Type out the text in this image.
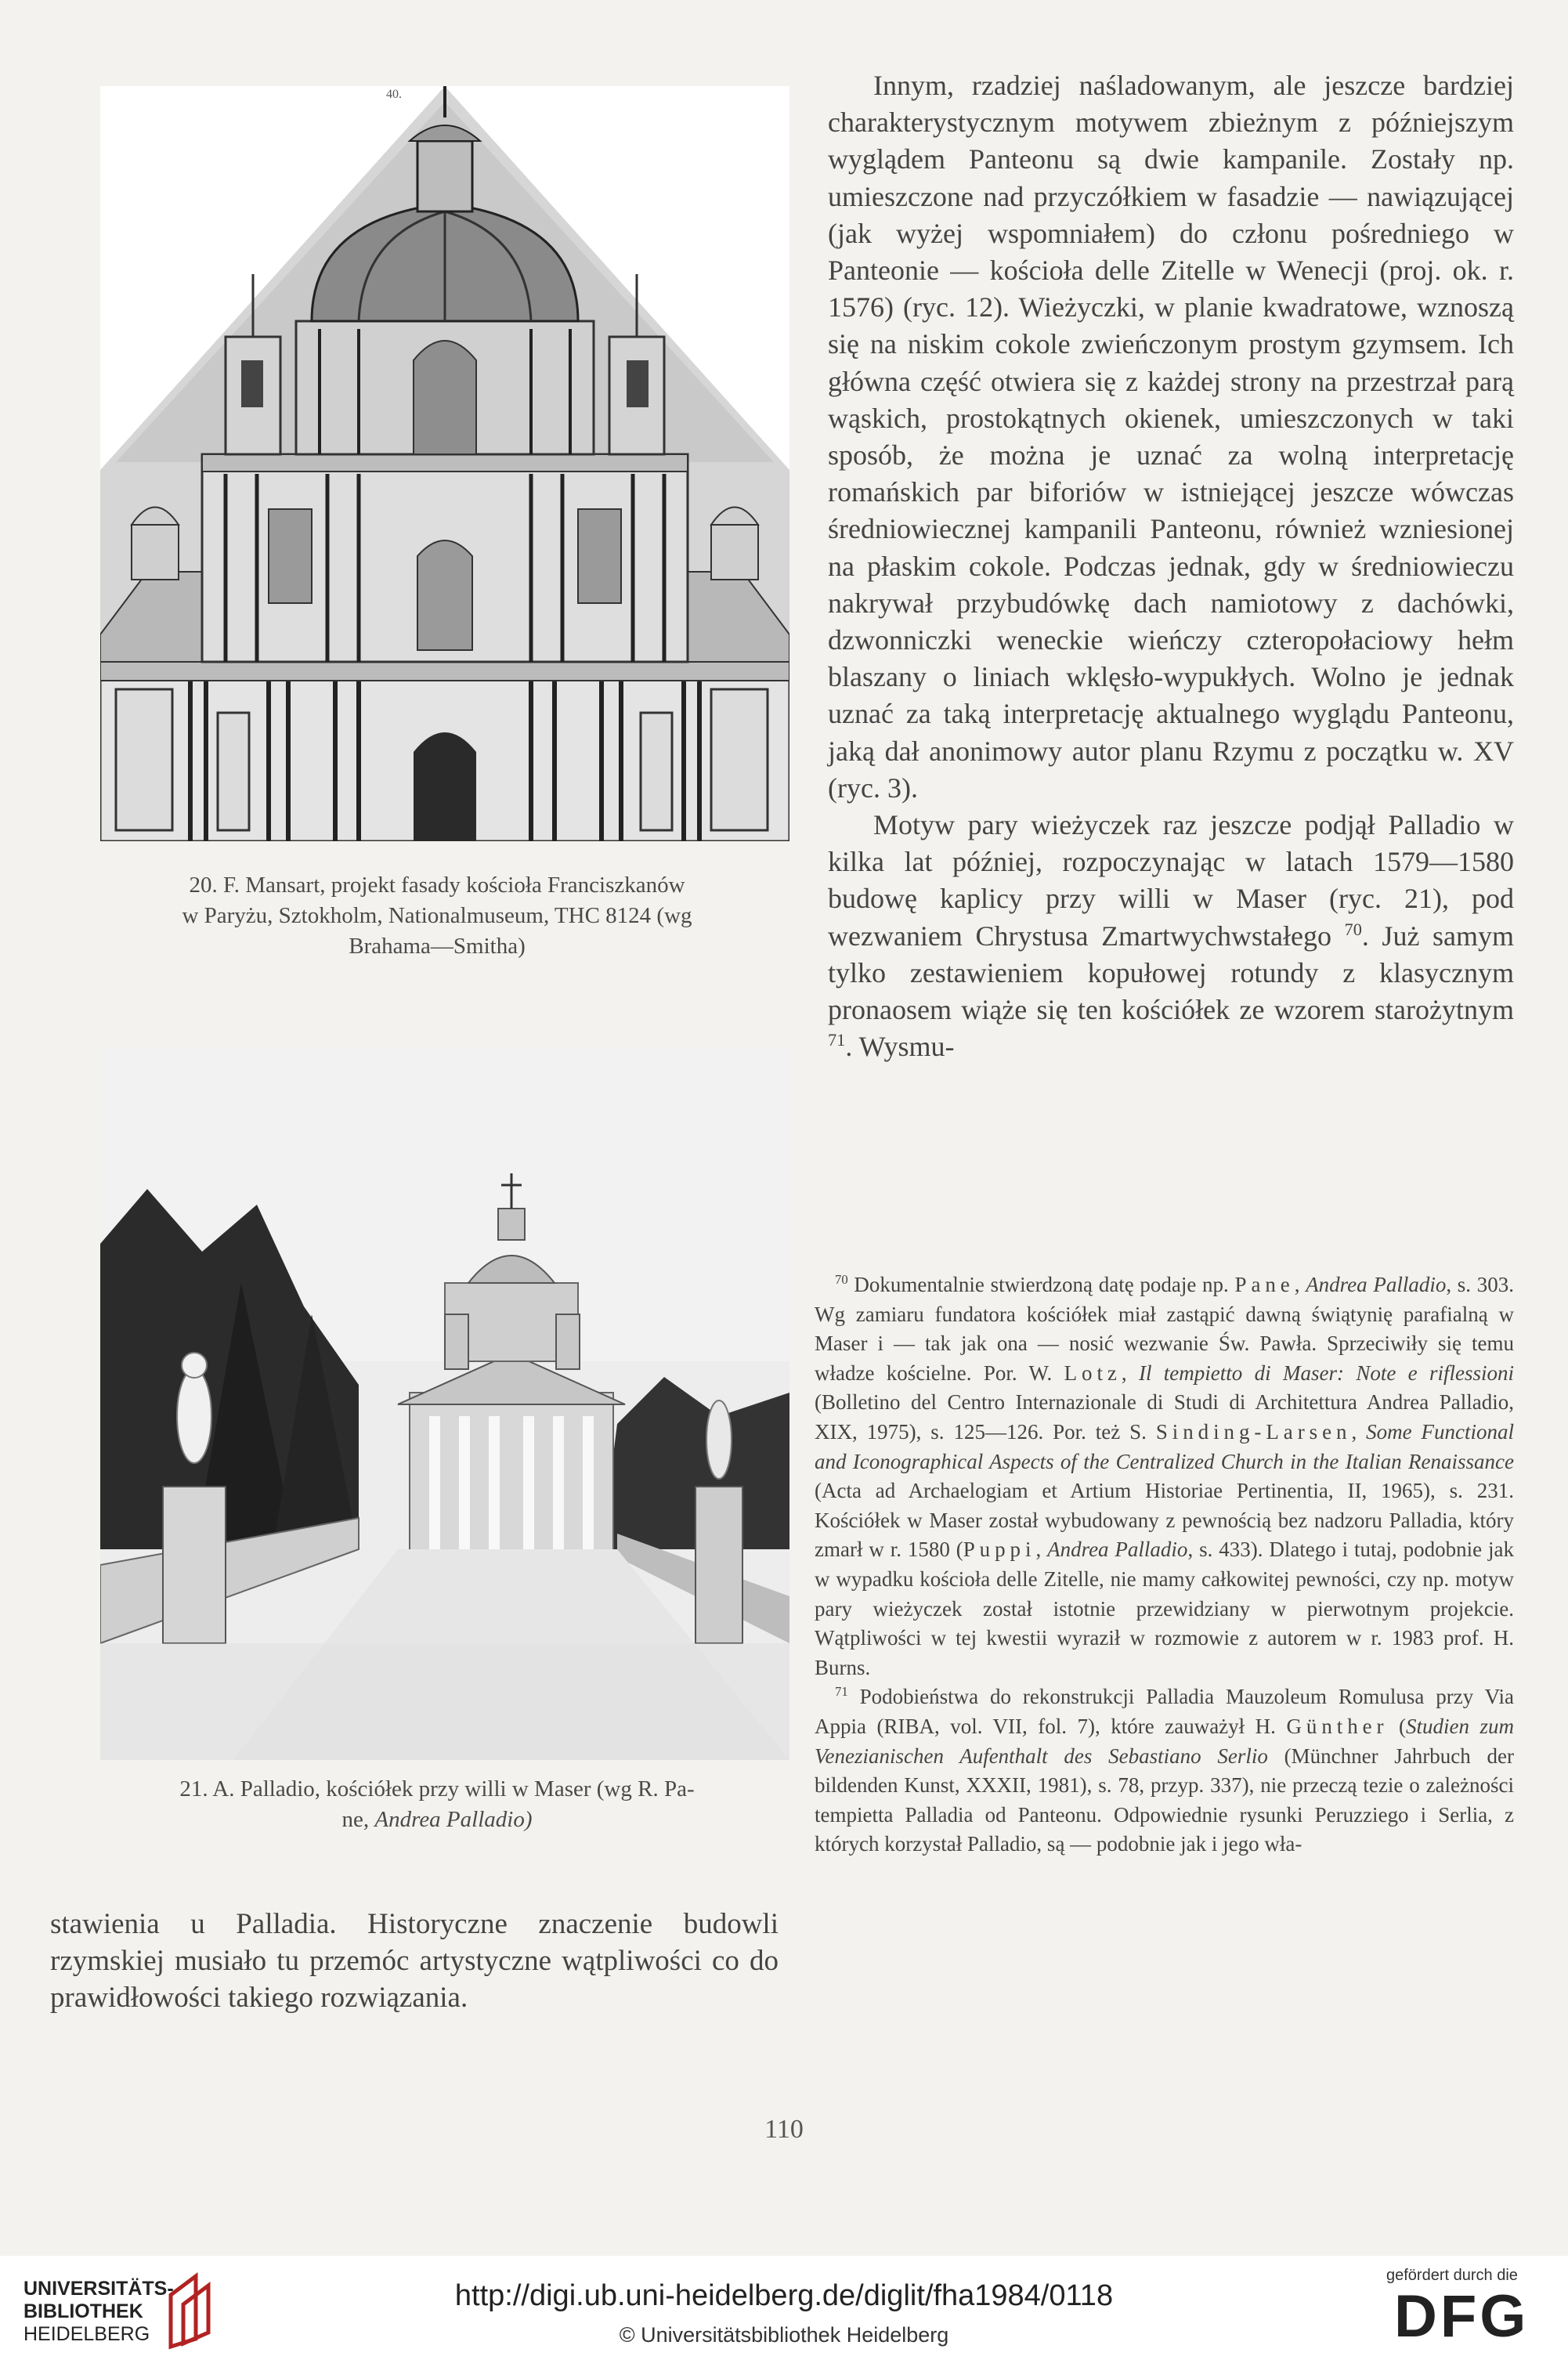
40.
20. F. Mansart, projekt fasady kościoła Franciszkanów
w Paryżu, Sztokholm, Nationalmuseum, THC 8124 (wg
Brahama—Smitha)
21. A. Palladio, kościółek przy willi w Maser (wg R. Pa-
ne, Andrea Palladio)

Innym, rzadziej naśladowanym, ale jeszcze bardziej charakterystycznym motywem zbieżnym z późniejszym wyglądem Panteonu są dwie kampanile. Zostały np. umieszczone nad przyczółkiem w fasadzie — nawiązującej (jak wyżej wspomniałem) do członu pośredniego w Panteonie — kościoła delle Zitelle w Wenecji (proj. ok. r. 1576) (ryc. 12). Wieżyczki, w planie kwadratowe, wznoszą się na niskim cokole zwieńczonym prostym gzymsem. Ich główna część otwiera się z każdej strony na przestrzał parą wąskich, prostokątnych okienek, umieszczonych w taki sposób, że można je uznać za wolną interpretację romańskich par biforiów w istniejącej jeszcze wówczas średniowiecznej kampanili Panteonu, również wzniesionej na płaskim cokole. Podczas jednak, gdy w średniowieczu nakrywał przybudówkę dach namiotowy z dachówki, dzwonniczki weneckie wieńczy czteropołaciowy hełm blaszany o liniach wklęsło-wypukłych. Wolno je jednak uznać za taką interpretację aktualnego wyglądu Panteonu, jaką dał anonimowy autor planu Rzymu z początku w. XV (ryc. 3).

Motyw pary wieżyczek raz jeszcze podjął Palladio w kilka lat później, rozpoczynając w latach 1579—1580 budowę kaplicy przy willi w Maser (ryc. 21), pod wezwaniem Chrystusa Zmartwychwstałego $^{70}$. Już samym tylko zestawieniem kopułowej rotundy z klasycznym pronaosem wiąże się ten kościółek ze wzorem starożytnym $^{71}$. Wysmu-

stawienia u Palladia. Historyczne znaczenie budowli rzymskiej musiało tu przemóc artystyczne wątpliwości co do prawidłowości takiego rozwiązania.

$^{70}$ Dokumentalnie stwierdzoną datę podaje np. Pane, Andrea Palladio, s. 303. Wg zamiaru fundatora kościółek miał zastąpić dawną świątynię parafialną w Maser i — tak jak ona — nosić wezwanie Św. Pawła. Sprzeciwiły się temu władze kościelne. Por. W. Lotz, Il tempietto di Maser: Note e riflessioni (Bolletino del Centro Internazionale di Studi di Architettura Andrea Palladio, XIX, 1975), s. 125—126. Por. też S. Sinding-Larsen, Some Functional and Iconographical Aspects of the Centralized Church in the Italian Renaissance (Acta ad Archaelogiam et Artium Historiae Pertinentia, II, 1965), s. 231. Kościółek w Maser został wybudowany z pewnością bez nadzoru Palladia, który zmarł w r. 1580 (Puppi, Andrea Palladio, s. 433). Dlatego i tutaj, podobnie jak w wypadku kościoła delle Zitelle, nie mamy całkowitej pewności, czy np. motyw pary wieżyczek został istotnie przewidziany w pierwotnym projekcie. Wątpliwości w tej kwestii wyraził w rozmowie z autorem w r. 1983 prof. H. Burns.

$^{71}$ Podobieństwa do rekonstrukcji Palladia Mauzoleum Romulusa przy Via Appia (RIBA, vol. VII, fol. 7), które zauważył H. Günther (Studien zum Venezianischen Aufenthalt des Sebastiano Serlio (Münchner Jahrbuch der bildenden Kunst, XXXII, 1981), s. 78, przyp. 337), nie przeczą tezie o zależności tempietta Palladia od Panteonu. Odpowiednie rysunki Peruzziego i Serlia, z których korzystał Palladio, są — podobnie jak i jego wła-

110
UNIVERSITÄTS-
BIBLIOTHEK
HEIDELBERG
http://digi.ub.uni-heidelberg.de/diglit/fha1984/0118
© Universitätsbibliothek Heidelberg
gefördert durch die
DFG
